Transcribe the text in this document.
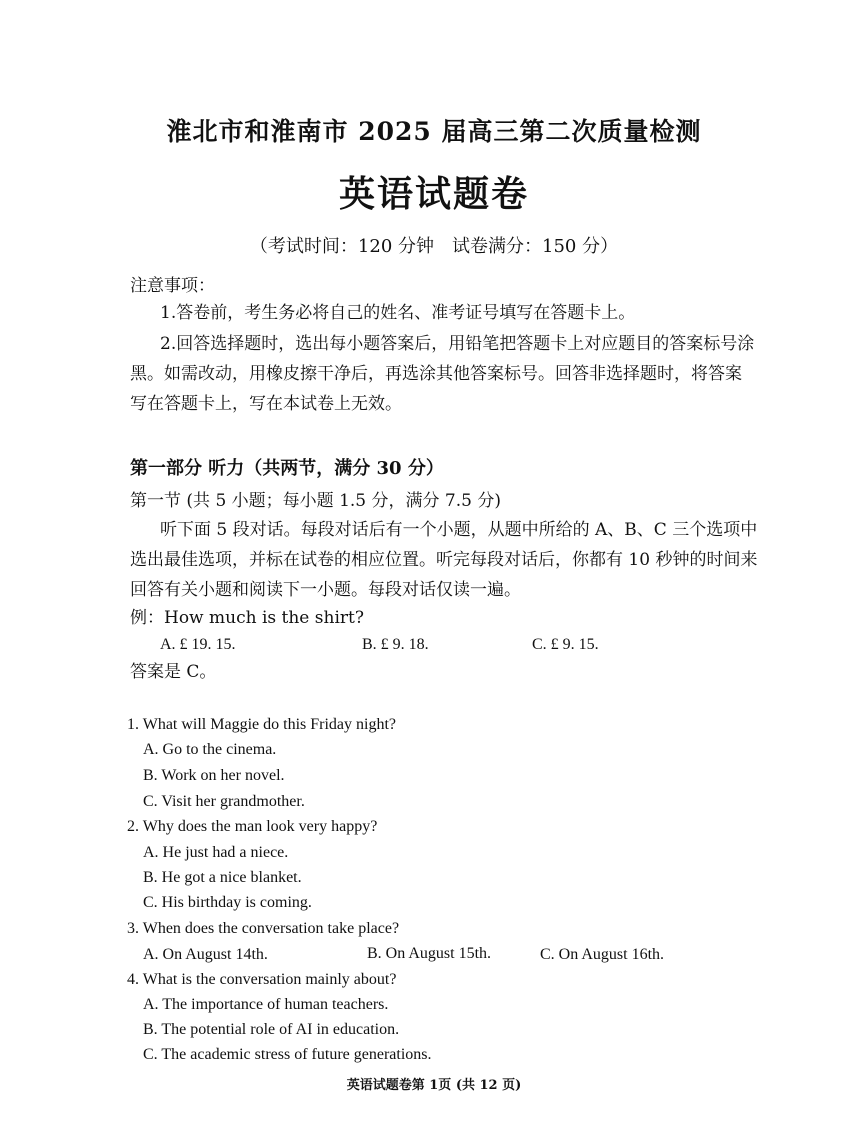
淮北市和淮南市 2025 届高三第二次质量检测
英语试题卷
（考试时间：120 分钟　试卷满分：150 分）
注意事项：
1.答卷前，考生务必将自己的姓名、准考证号填写在答题卡上。
2.回答选择题时，选出每小题答案后，用铅笔把答题卡上对应题目的答案标号涂
黑。如需改动，用橡皮擦干净后，再选涂其他答案标号。回答非选择题时，将答案
写在答题卡上，写在本试卷上无效。
第一部分 听力（共两节，满分 30 分）
第一节 (共 5 小题；每小题 1.5 分，满分 7.5 分)
听下面 5 段对话。每段对话后有一个小题，从题中所给的 A、B、C 三个选项中
选出最佳选项，并标在试卷的相应位置。听完每段对话后，你都有 10 秒钟的时间来
回答有关小题和阅读下一小题。每段对话仅读一遍。
例：How much is the shirt?
A. £ 19. 15.	B. £ 9. 18.	C. £ 9. 15.
答案是 C。
1. What will Maggie do this Friday night?
A. Go to the cinema.
B. Work on her novel.
C. Visit her grandmother.
2. Why does the man look very happy?
A. He just had a niece.
B. He got a nice blanket.
C. His birthday is coming.
3. When does the conversation take place?
A. On August 14th.	B. On August 15th.	C. On August 16th.
4. What is the conversation mainly about?
A. The importance of human teachers.
B. The potential role of AI in education.
C. The academic stress of future generations.
英语试题卷第 1页 (共 12 页)
